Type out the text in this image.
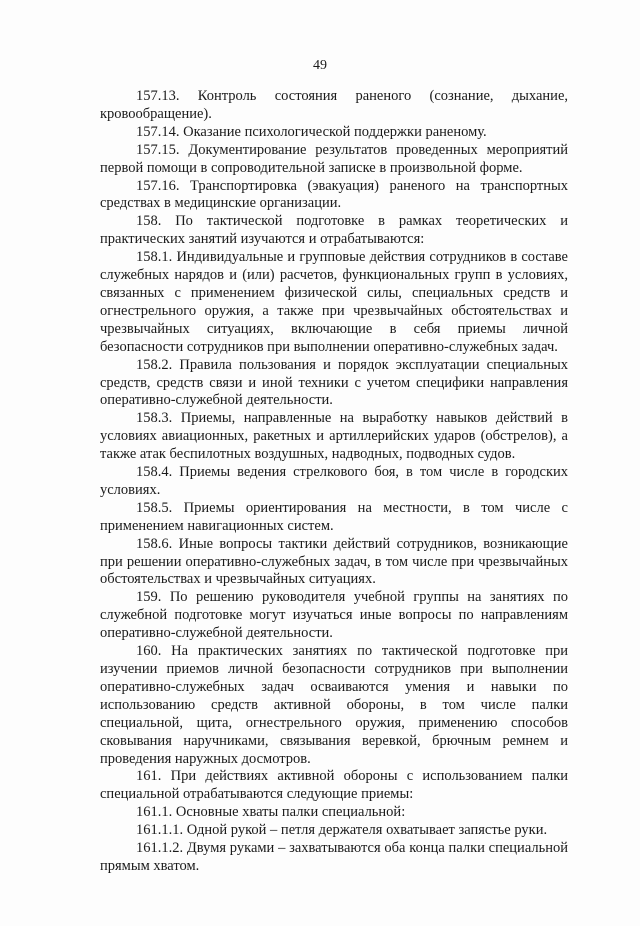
49

157.13. Контроль состояния раненого (сознание, дыхание, кровообращение).

157.14. Оказание психологической поддержки раненому.

157.15. Документирование результатов проведенных мероприятий первой помощи в сопроводительной записке в произвольной форме.

157.16. Транспортировка (эвакуация) раненого на транспортных средствах в медицинские организации.

158. По тактической подготовке в рамках теоретических и практических занятий изучаются и отрабатываются:

158.1. Индивидуальные и групповые действия сотрудников в составе служебных нарядов и (или) расчетов, функциональных групп в условиях, связанных с применением физической силы, специальных средств и огнестрельного оружия, а также при чрезвычайных обстоятельствах и чрезвычайных ситуациях, включающие в себя приемы личной безопасности сотрудников при выполнении оперативно-служебных задач.

158.2. Правила пользования и порядок эксплуатации специальных средств, средств связи и иной техники с учетом специфики направления оперативно-служебной деятельности.

158.3. Приемы, направленные на выработку навыков действий в условиях авиационных, ракетных и артиллерийских ударов (обстрелов), а также атак беспилотных воздушных, надводных, подводных судов.

158.4. Приемы ведения стрелкового боя, в том числе в городских условиях.

158.5. Приемы ориентирования на местности, в том числе с применением навигационных систем.

158.6. Иные вопросы тактики действий сотрудников, возникающие при решении оперативно-служебных задач, в том числе при чрезвычайных обстоятельствах и чрезвычайных ситуациях.

159. По решению руководителя учебной группы на занятиях по служебной подготовке могут изучаться иные вопросы по направлениям оперативно-служебной деятельности.

160. На практических занятиях по тактической подготовке при изучении приемов личной безопасности сотрудников при выполнении оперативно-служебных задач осваиваются умения и навыки по использованию средств активной обороны, в том числе палки специальной, щита, огнестрельного оружия, применению способов сковывания наручниками, связывания веревкой, брючным ремнем и проведения наружных досмотров.

161. При действиях активной обороны с использованием палки специальной отрабатываются следующие приемы:

161.1. Основные хваты палки специальной:

161.1.1. Одной рукой – петля держателя охватывает запястье руки.

161.1.2. Двумя руками – захватываются оба конца палки специальной прямым хватом.
